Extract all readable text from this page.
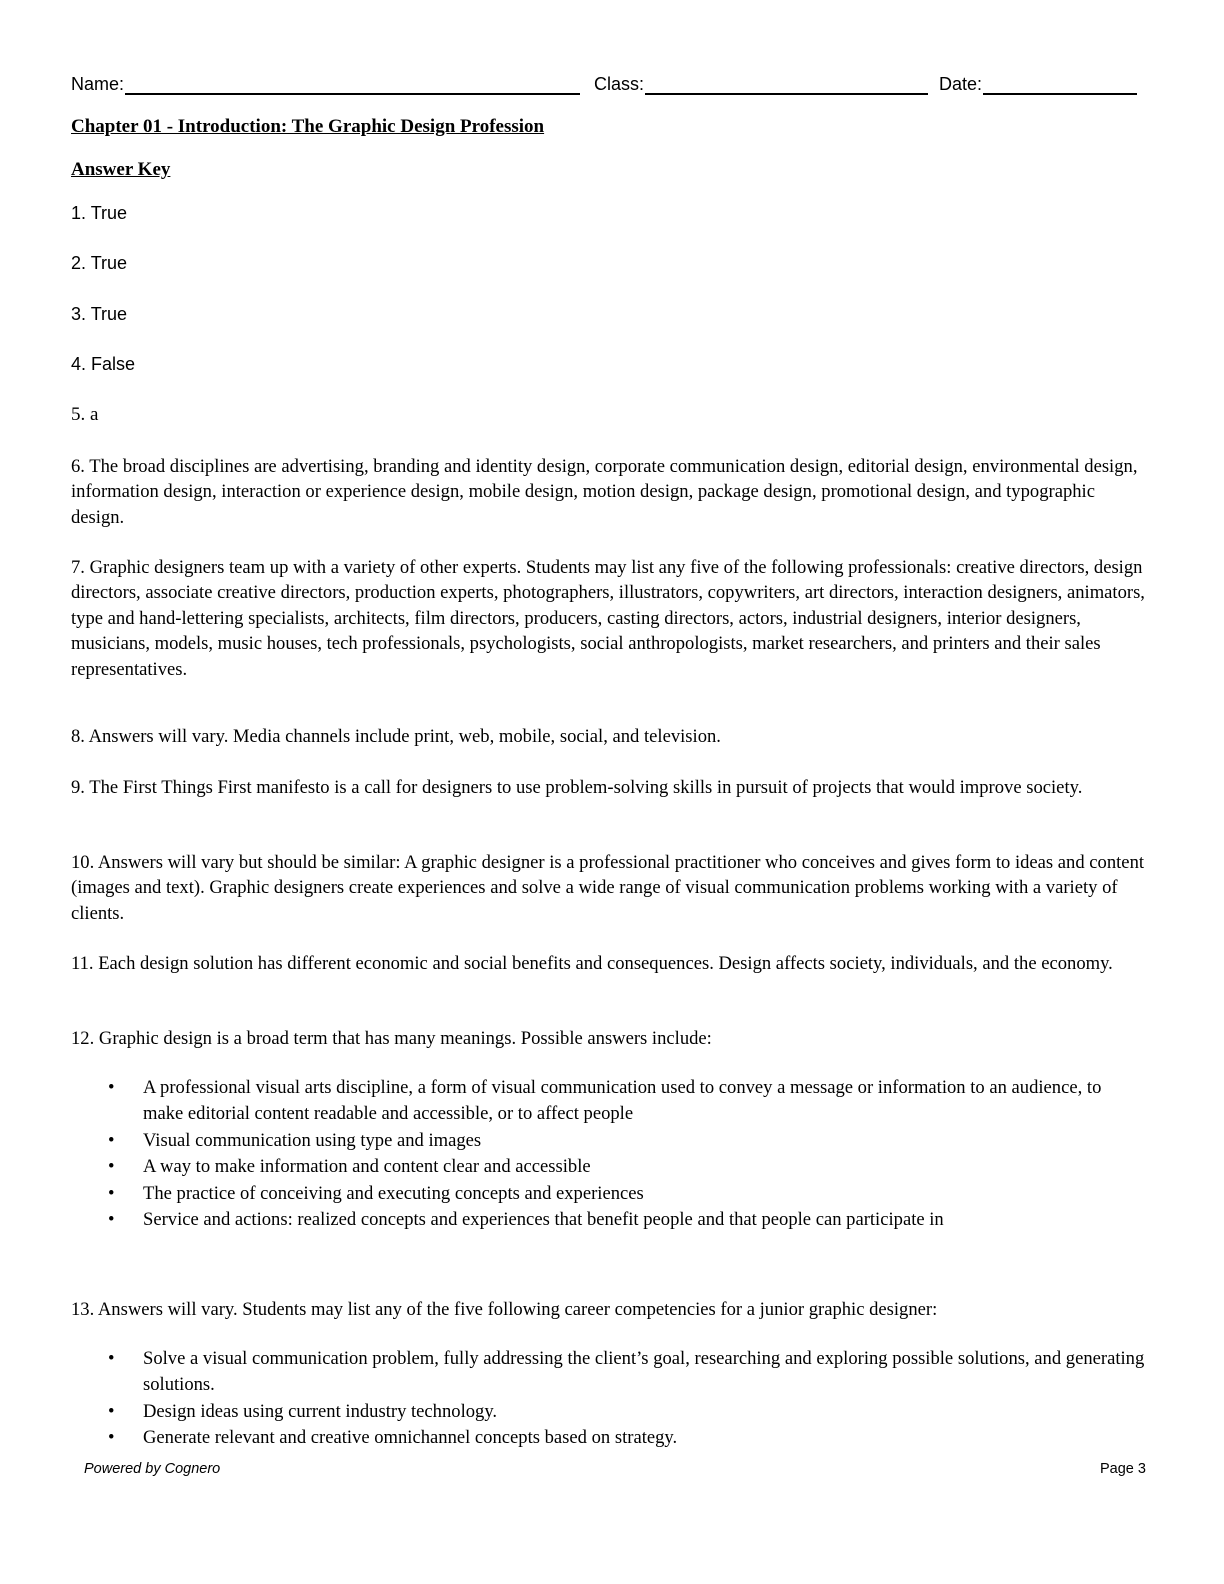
Name:	Class:	Date:
Chapter 01 - Introduction: The Graphic Design Profession
Answer Key
1. True
2. True
3. True
4. False
5. a

6. The broad disciplines are advertising, branding and identity design, corporate communication design, editorial design, environmental design, information design, interaction or experience design, mobile design, motion design, package design, promotional design, and typographic design.

7. Graphic designers team up with a variety of other experts. Students may list any five of the following professionals: creative directors, design directors, associate creative directors, production experts, photographers, illustrators, copywriters, art directors, interaction designers, animators, type and hand-lettering specialists, architects, film directors, producers, casting directors, actors, industrial designers, interior designers, musicians, models, music houses, tech professionals, psychologists, social anthropologists, market researchers, and printers and their sales representatives.

8. Answers will vary. Media channels include print, web, mobile, social, and television.

9. The First Things First manifesto is a call for designers to use problem-solving skills in pursuit of projects that would improve society.

10. Answers will vary but should be similar: A graphic designer is a professional practitioner who conceives and gives form to ideas and content (images and text). Graphic designers create experiences and solve a wide range of visual communication problems working with a variety of clients.

11. Each design solution has different economic and social benefits and consequences. Design affects society, individuals, and the economy.

12. Graphic design is a broad term that has many meanings. Possible answers include:

• A professional visual arts discipline, a form of visual communication used to convey a message or information to an audience, to make editorial content readable and accessible, or to affect people
• Visual communication using type and images
• A way to make information and content clear and accessible
• The practice of conceiving and executing concepts and experiences
• Service and actions: realized concepts and experiences that benefit people and that people can participate in

13. Answers will vary. Students may list any of the five following career competencies for a junior graphic designer:

• Solve a visual communication problem, fully addressing the client’s goal, researching and exploring possible solutions, and generating solutions.
• Design ideas using current industry technology.
• Generate relevant and creative omnichannel concepts based on strategy.
Powered by Cognero	Page 3
